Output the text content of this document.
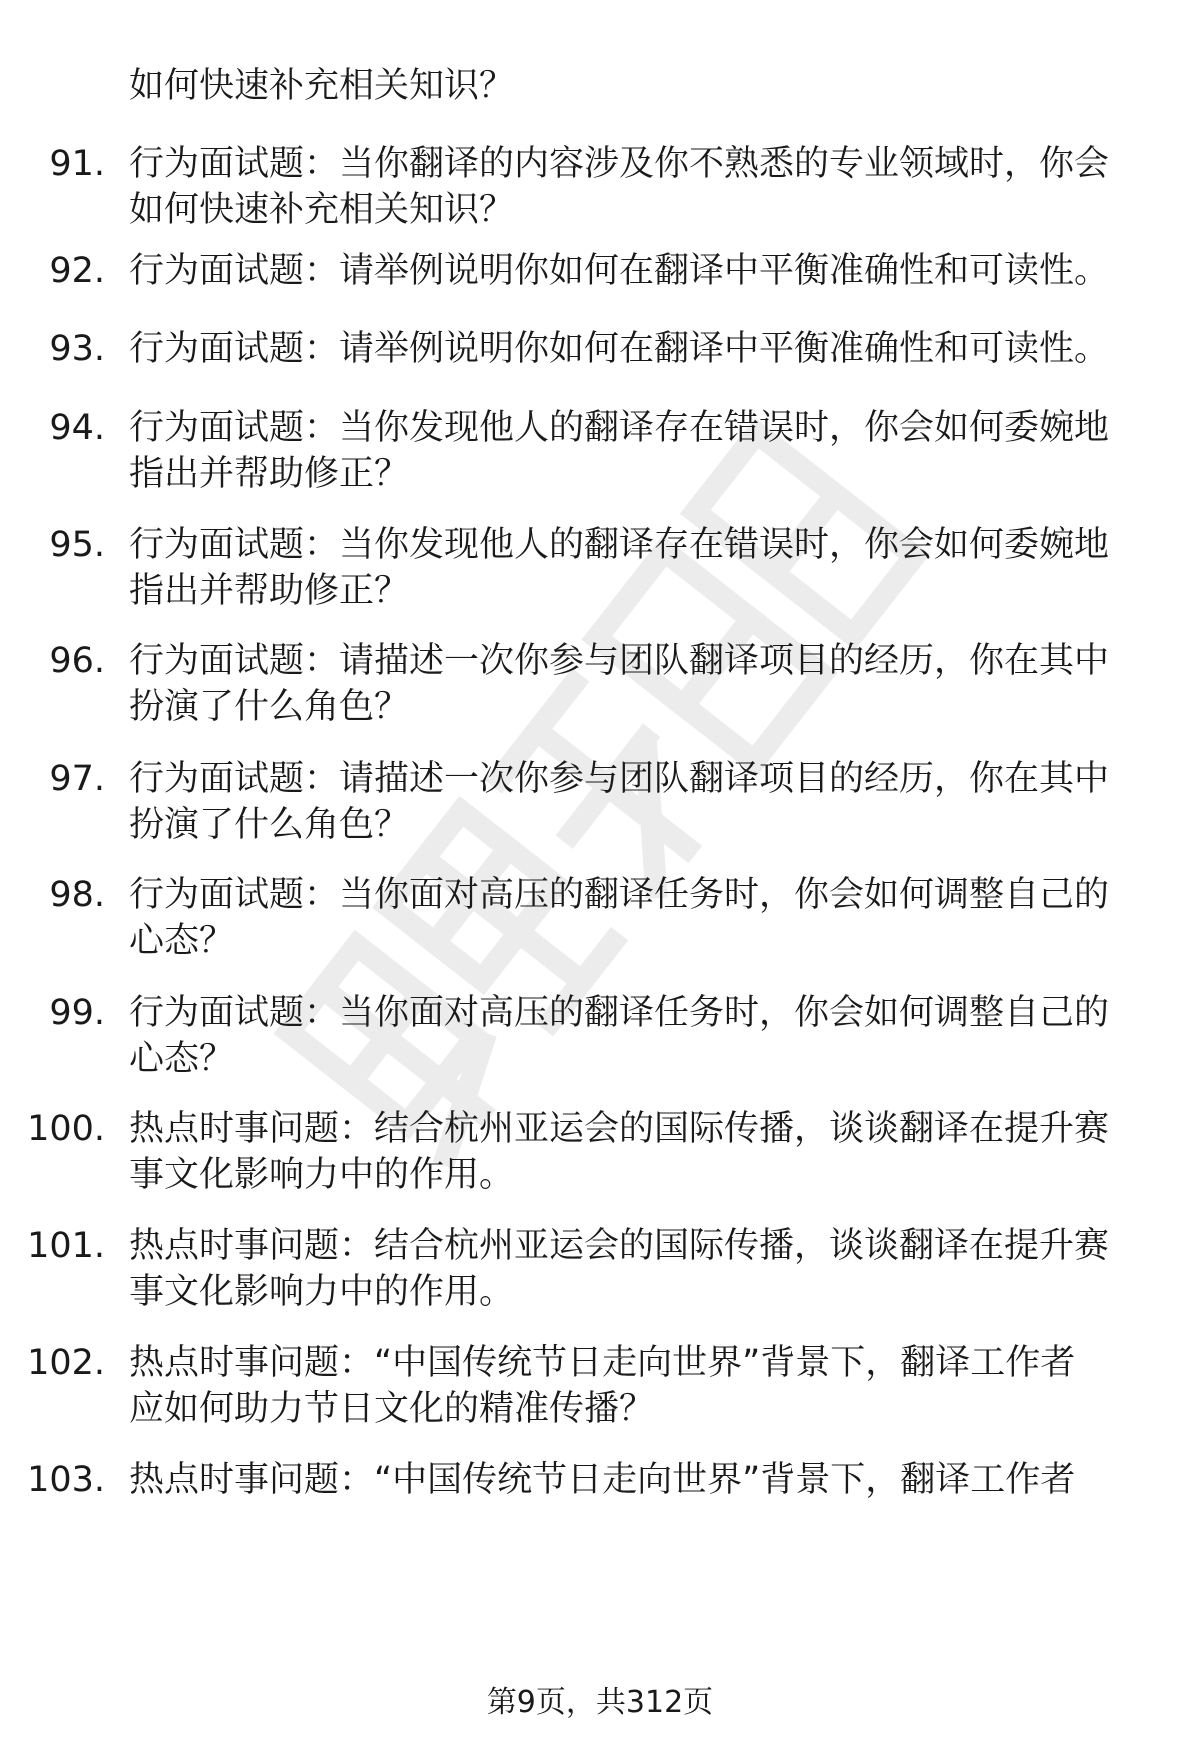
如何快速补充相关知识？
91. 行为面试题：当你翻译的内容涉及你不熟悉的专业领域时，你会
如何快速补充相关知识？
92. 行为面试题：请举例说明你如何在翻译中平衡准确性和可读性。
93. 行为面试题：请举例说明你如何在翻译中平衡准确性和可读性。
94. 行为面试题：当你发现他人的翻译存在错误时，你会如何委婉地
指出并帮助修正？
95. 行为面试题：当你发现他人的翻译存在错误时，你会如何委婉地
指出并帮助修正？
96. 行为面试题：请描述一次你参与团队翻译项目的经历，你在其中
扮演了什么角色？
97. 行为面试题：请描述一次你参与团队翻译项目的经历，你在其中
扮演了什么角色？
98. 行为面试题：当你面对高压的翻译任务时，你会如何调整自己的
心态？
99. 行为面试题：当你面对高压的翻译任务时，你会如何调整自己的
心态？
100. 热点时事问题：结合杭州亚运会的国际传播，谈谈翻译在提升赛
事文化影响力中的作用。
101. 热点时事问题：结合杭州亚运会的国际传播，谈谈翻译在提升赛
事文化影响力中的作用。
102. 热点时事问题：“中国传统节日走向世界”背景下，翻译工作者
应如何助力节日文化的精准传播？
103. 热点时事问题：“中国传统节日走向世界”背景下，翻译工作者
第9页，共312页
